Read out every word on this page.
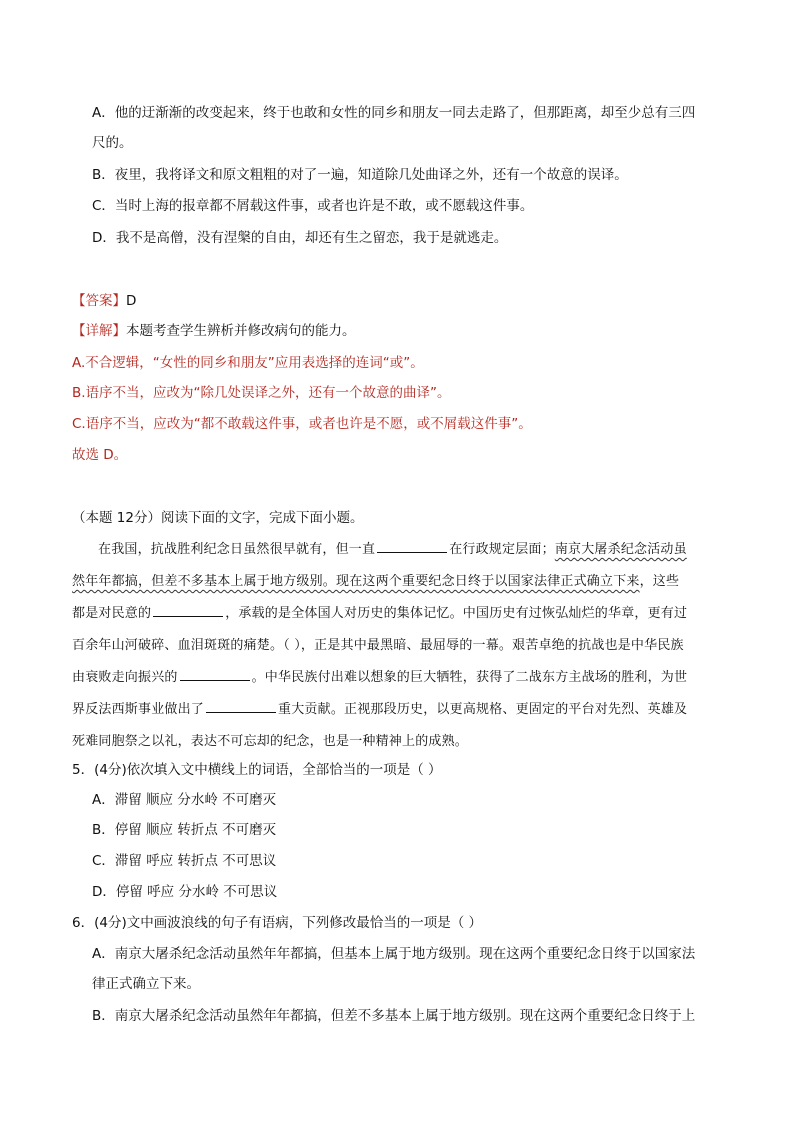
A．他的迂渐渐的改变起来，终于也敢和女性的同乡和朋友一同去走路了，但那距离，却至少总有三四
尺的。
B．夜里，我将译文和原文粗粗的对了一遍，知道除几处曲译之外，还有一个故意的误译。
C．当时上海的报章都不屑载这件事，或者也许是不敢，或不愿载这件事。
D．我不是高僧，没有涅槃的自由，却还有生之留恋，我于是就逃走。
【答案】D
【详解】本题考查学生辨析并修改病句的能力。
A.不合逻辑，“女性的同乡和朋友”应用表选择的连词“或”。
B.语序不当，应改为“除几处误译之外，还有一个故意的曲译”。
C.语序不当，应改为“都不敢载这件事，或者也许是不愿，或不屑载这件事”。
故选 D。
（本题 12分）阅读下面的文字，完成下面小题。
在我国，抗战胜利纪念日虽然很早就有，但一直	在行政规定层面；南京大屠杀纪念活动虽
然年年都搞，但差不多基本上属于地方级别。现在这两个重要纪念日终于以国家法律正式确立下来，这些
都是对民意的	，承载的是全体国人对历史的集体记忆。中国历史有过恢弘灿烂的华章，更有过
百余年山河破碎、血泪斑斑的痛楚。（ ），正是其中最黑暗、最屈辱的一幕。艰苦卓绝的抗战也是中华民族
由衰败走向振兴的	。中华民族付出难以想象的巨大牺牲，获得了二战东方主战场的胜利，为世
界反法西斯事业做出了	重大贡献。正视那段历史，以更高规格、更固定的平台对先烈、英雄及
死难同胞祭之以礼，表达不可忘却的纪念，也是一种精神上的成熟。
5．(4分)依次填入文中横线上的词语，全部恰当的一项是（ ）
A．滞留 顺应 分水岭 不可磨灭
B．停留 顺应 转折点 不可磨灭
C．滞留 呼应 转折点 不可思议
D．停留 呼应 分水岭 不可思议
6．(4分)文中画波浪线的句子有语病，下列修改最恰当的一项是（ ）
A．南京大屠杀纪念活动虽然年年都搞，但基本上属于地方级别。现在这两个重要纪念日终于以国家法
律正式确立下来。
B．南京大屠杀纪念活动虽然年年都搞，但差不多基本上属于地方级别。现在这两个重要纪念日终于上
